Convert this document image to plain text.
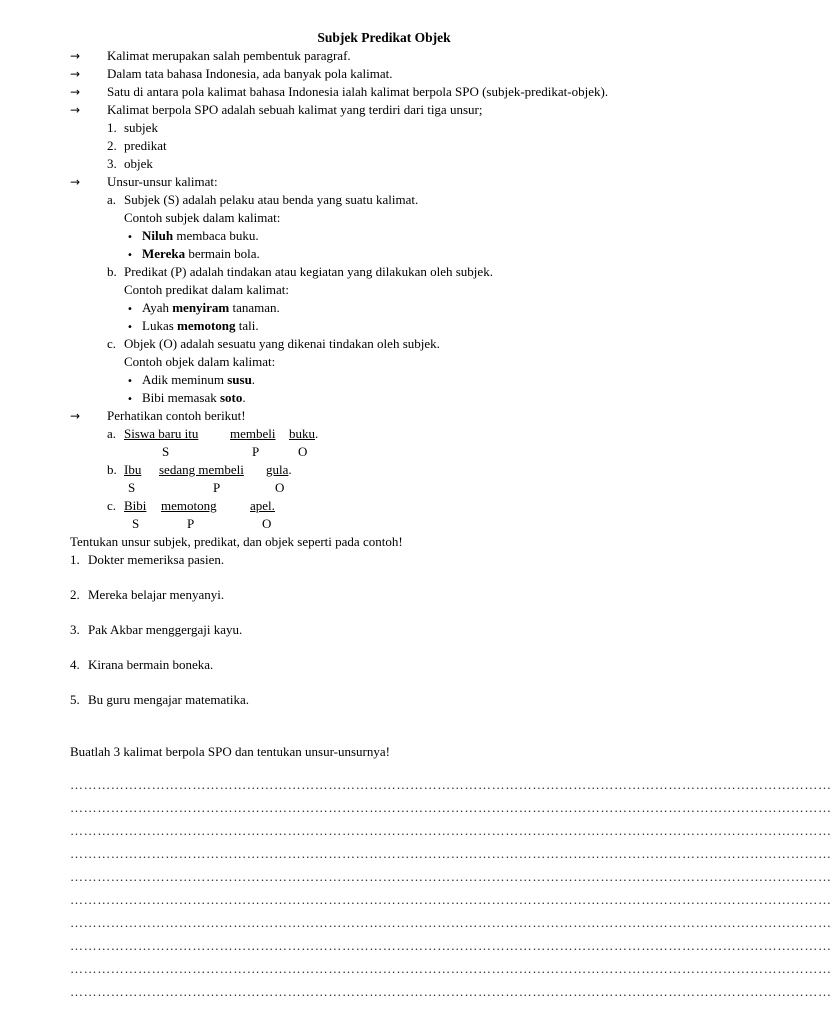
Subjek Predikat Objek
→	Kalimat merupakan salah pembentuk paragraf.
→	Dalam tata bahasa Indonesia, ada banyak pola kalimat.
→	Satu di antara pola kalimat bahasa Indonesia ialah kalimat berpola SPO (subjek-predikat-objek).
→	Kalimat berpola SPO adalah sebuah kalimat yang terdiri dari tiga unsur;
1. subjek
2. predikat
3. objek
→	Unsur-unsur kalimat:
a. Subjek (S) adalah pelaku atau benda yang suatu kalimat.
Contoh subjek dalam kalimat:
• Niluh membaca buku.
• Mereka bermain bola.
b. Predikat (P) adalah tindakan atau kegiatan yang dilakukan oleh subjek.
Contoh predikat dalam kalimat:
• Ayah menyiram tanaman.
• Lukas memotong tali.
c. Objek (O) adalah sesuatu yang dikenai tindakan oleh subjek.
Contoh objek dalam kalimat:
• Adik meminum susu.
• Bibi memasak soto.
→	Perhatikan contoh berikut!
a. Siswa baru itu membeli buku.
S	P	O
b. Ibu sedang membeli gula.
S	P	O
c. Bibi memotong	apel.
S	P	O
Tentukan unsur subjek, predikat, dan objek seperti pada contoh!
1. Dokter memeriksa pasien.
2. Mereka belajar menyanyi.
3. Pak Akbar menggergaji kayu.
4. Kirana bermain boneka.
5. Bu guru mengajar matematika.
Buatlah 3 kalimat berpola SPO dan tentukan unsur-unsurnya!
……………………………………………………………………………………………………………………………………………………
……………………………………………………………………………………………………………………………………………………
……………………………………………………………………………………………………………………………………………………
……………………………………………………………………………………………………………………………………………………
……………………………………………………………………………………………………………………………………………………
……………………………………………………………………………………………………………………………………………………
……………………………………………………………………………………………………………………………………………………
……………………………………………………………………………………………………………………………………………………
……………………………………………………………………………………………………………………………………………………
……………………………………………………………………………………………………………………………………………………
